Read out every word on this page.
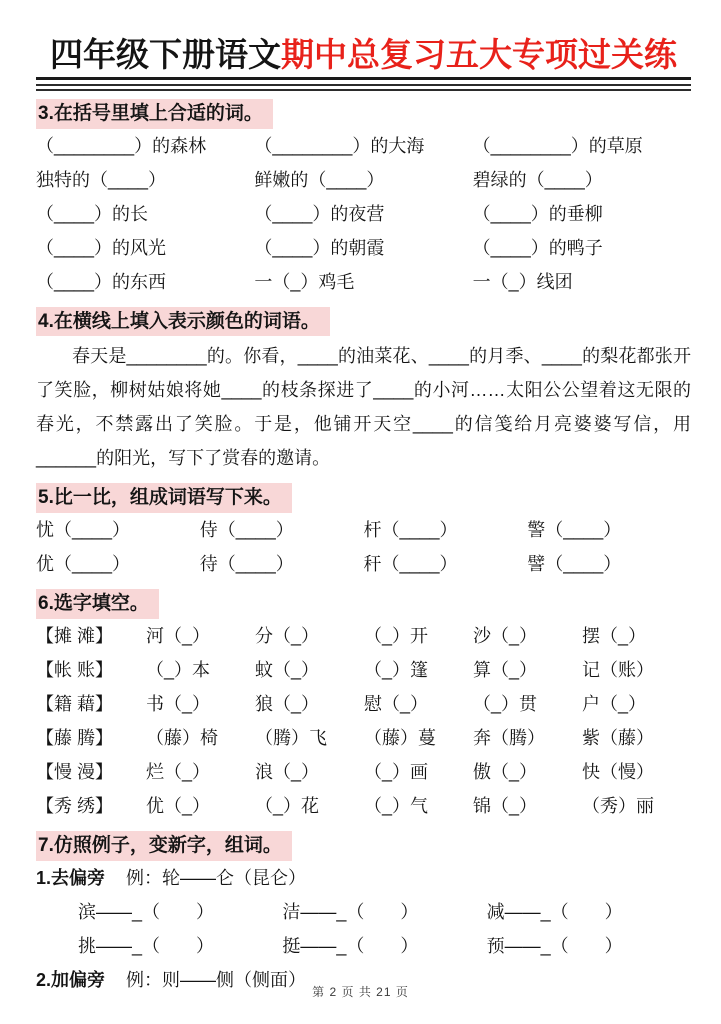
四年级下册语文期中总复习五大专项过关练
3.在括号里填上合适的词。
（________）的森林	（________）的大海	（________）的草原
独特的（____）	鲜嫩的（____）	碧绿的（____）
（____）的长	（____）的夜营	（____）的垂柳
（____）的风光	（____）的朝霞	（____）的鸭子
（____）的东西	一（_）鸡毛	一（_）线团
4.在横线上填入表示颜色的词语。
春天是________的。你看，____的油菜花、____的月季、____的梨花都张开了笑脸，柳树姑娘将她____的枝条探进了____的小河……太阳公公望着这无限的春光，不禁露出了笑脸。于是，他铺开天空____的信笺给月亮婆婆写信，用______的阳光，写下了赏春的邀请。
5.比一比，组成词语写下来。
忧（____）	侍（____）	杆（____）	警（____）
优（____）	待（____）	秆（____）	譬（____）
6.选字填空。
【摊 滩】	河（_）	分（_）	（_）开	沙（_）	摆（_）
【帐 账】	（_）本	蚊（_）	（_）篷	算（_）	记（账）
【籍 藉】	书（_）	狼（_）	慰（_）	（_）贯	户（_）
【藤 腾】	（藤）椅	（腾）飞	（藤）蔓	奔（腾）	紫（藤）
【慢 漫】	烂（_）	浪（_）	（_）画	傲（_）	快（慢）
【秀 绣】	优（_）	（_）花	（_）气	锦（_）	（秀）丽
7.仿照例子，变新字，组词。
1.去偏旁 例：轮——仑（昆仑）
滨——_（　　）	洁——_（　　）	减——_（　　）
挑——_（　　）	挺——_（　　）	预——_（　　）
2.加偏旁 例：则——侧（侧面）
第 2 页 共 21 页
